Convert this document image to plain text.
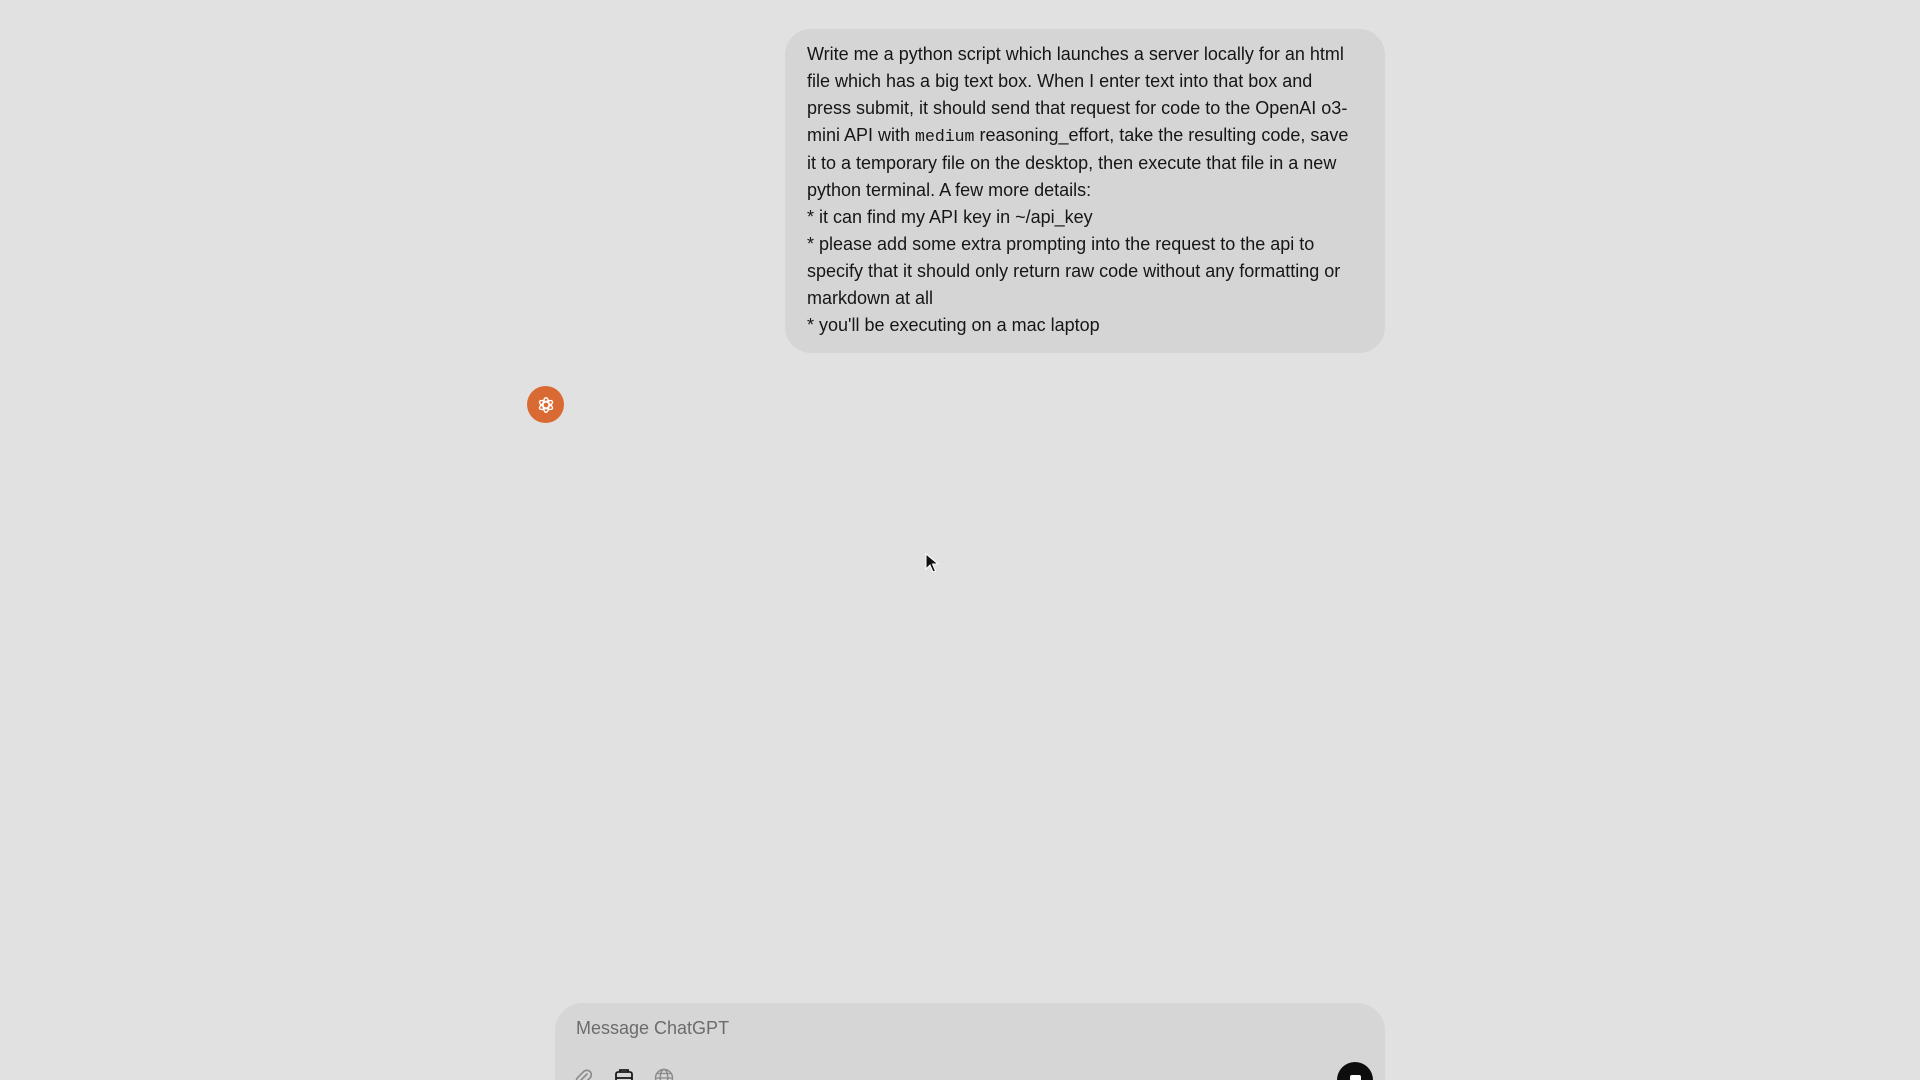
Write me a python script which launches a server locally for an html

file which has a big text box. When I enter text into that box and

press submit, it should send that request for code to the OpenAI o3-

mini API with medium reasoning_effort, take the resulting code, save

it to a temporary file on the desktop, then execute that file in a new

python terminal. A few more details:

* it can find my API key in ~/api_key

* please add some extra prompting into the request to the api to

specify that it should only return raw code without any formatting or

markdown at all

* you'll be executing on a mac laptop

Message ChatGPT
